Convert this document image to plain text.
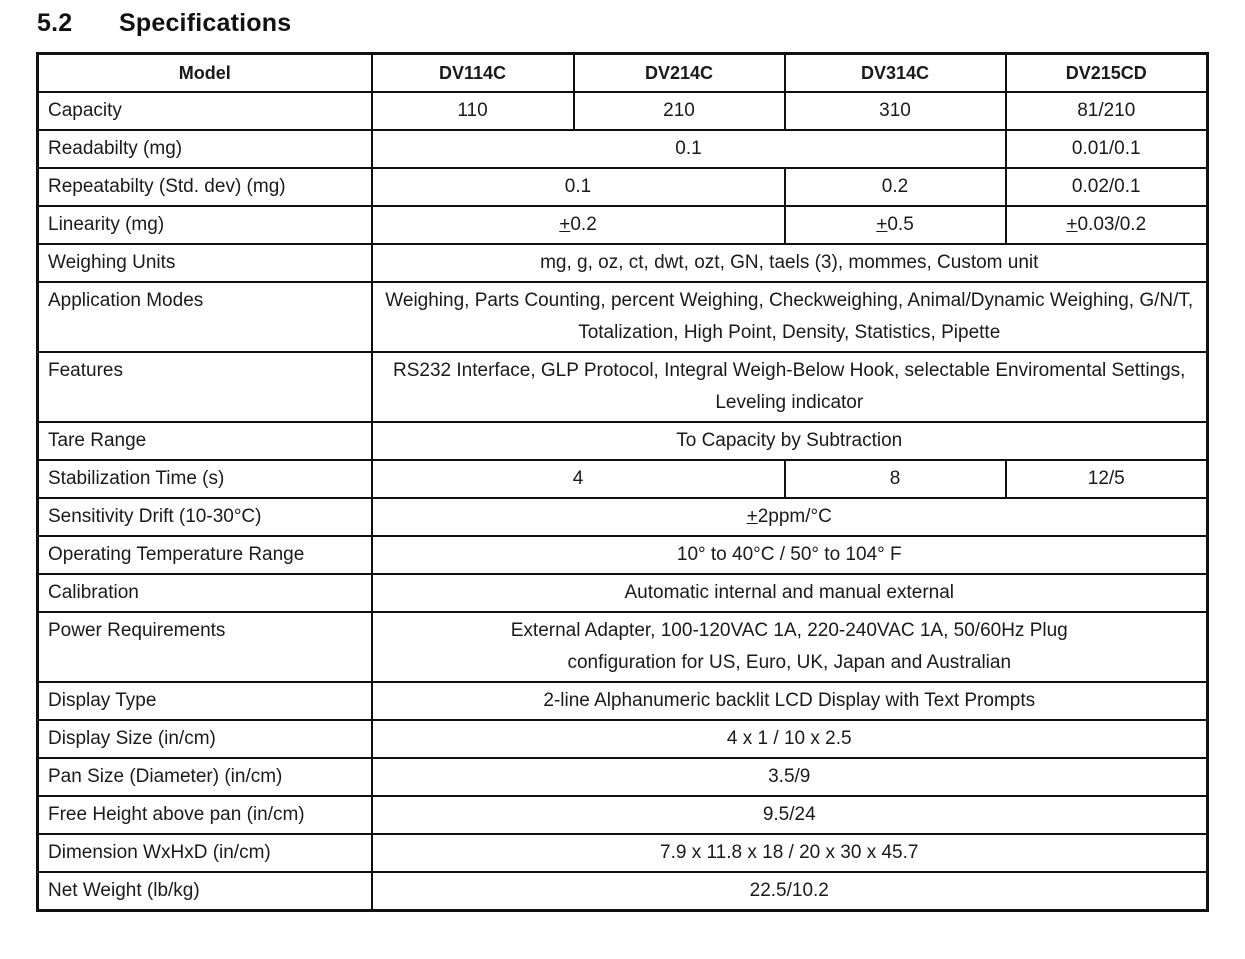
5.2 Specifications
Model	DV114C	DV214C	DV314C	DV215CD
Capacity	110	210	310	81/210
Readabilty (mg)	0.1			0.01/0.1
Repeatabilty (Std. dev) (mg)	0.1		0.2	0.02/0.1
Linearity (mg)	+0.2		+0.5	+0.03/0.2
Weighing Units	mg, g, oz, ct, dwt, ozt, GN, taels (3), mommes, Custom unit			
Application Modes	Weighing, Parts Counting, percent Weighing, Checkweighing, Animal/Dynamic Weighing, G/N/T,
Totalization, High Point, Density, Statistics, Pipette			

Features	RS232 Interface, GLP Protocol, Integral Weigh-Below Hook, selectable Enviromental Settings,
Leveling indicator			

Tare Range	To Capacity by Subtraction			
Stabilization Time (s)	4		8	12/5
Sensitivity Drift (10-30°C)	+2ppm/°C			
Operating Temperature Range	10° to 40°C / 50° to 104° F			
Calibration	Automatic internal and manual external			
Power Requirements	External Adapter, 100-120VAC 1A, 220-240VAC 1A, 50/60Hz Plug
configuration for US, Euro, UK, Japan and Australian			

Display Type	2-line Alphanumeric backlit LCD Display with Text Prompts			
Display Size (in/cm)	4 x 1 / 10 x 2.5			
Pan Size (Diameter) (in/cm)	3.5/9			
Free Height above pan (in/cm)	9.5/24			
Dimension WxHxD (in/cm)	7.9 x 11.8 x 18 / 20 x 30 x 45.7			
Net Weight (lb/kg)	22.5/10.2			
